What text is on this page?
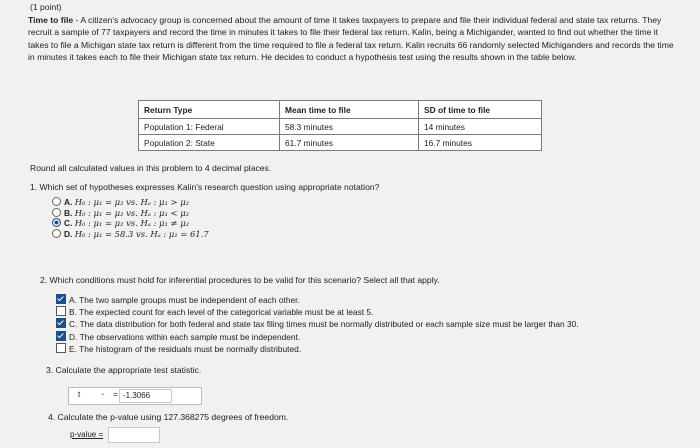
(1 point)
Time to file - A citizen's advocacy group is concerned about the amount of time it takes taxpayers to prepare and file their individual federal and state tax returns. They recruit a sample of 77 taxpayers and record the time in minutes it takes to file their federal tax return. Kalin, being a Michigander, wanted to find out whether the time it takes to file a Michigan state tax return is different from the time required to file a federal tax return. Kalin recruits 66 randomly selected Michiganders and records the time in minutes it takes each to file their Michigan state tax return. He decides to conduct a hypothesis test using the results shown in the table below.
Return Type	Mean time to file	SD of time to file
Population 1: Federal	58.3 minutes	14 minutes
Population 2: State	61.7 minutes	16.7 minutes
Round all calculated values in this problem to 4 decimal places.
1. Which set of hypotheses expresses Kalin's research question using appropriate notation?
A. H₀ : μ₁ = μ₂ vs. Hₐ : μ₁ > μ₂
B. H₀ : μ₁ = μ₂ vs. Hₐ : μ₁ < μ₂
C. H₀ : μ₁ = μ₂ vs. Hₐ : μ₁ ≠ μ₂
D. H₀ : μ₁ = 58.3 vs. Hₐ : μ₁ = 61.7
2. Which conditions must hold for inferential procedures to be valid for this scenario? Select all that apply.
A. The two sample groups must be independent of each other.
B. The expected count for each level of the categorical variable must be at least 5.
C. The data distribution for both federal and state tax filing times must be normally distributed or each sample size must be larger than 30.
D. The observations within each sample must be independent.
E. The histogram of the residuals must be normally distributed.
3. Calculate the appropriate test statistic.
t	⌄ = -1.3066
4. Calculate the p-value using 127.368275 degrees of freedom.
p-value =
